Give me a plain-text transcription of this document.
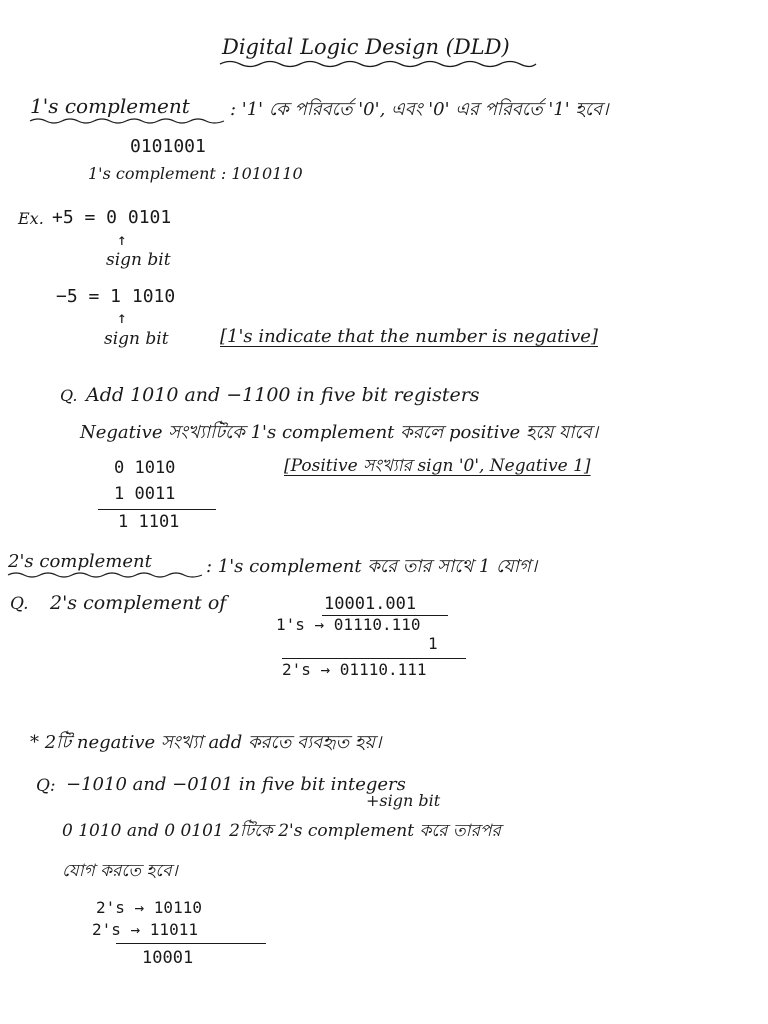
Digital Logic Design (DLD)
1's complement : '1' কে পরিবর্তে '0', এবং '0' এর পরিবর্তে '1' হবে।
0101001
1's complement : 1010110
Ex. +5 = 0 0101
↑
sign bit
−5 = 1 1010
↑
sign bit	[1's indicate that the number is negative]
Q. Add 1010 and −1100 in five bit registers
Negative সংখ্যাটিকে 1's complement করলে positive হয়ে যাবে।
0 1010	[Positive সংখ্যার sign '0', Negative 1]
1 0011
1 1101
2's complement	: 1's complement করে তার সাথে 1 যোগ।
Q. 2's complement of	10001.001
1's → 01110.110
1
2's → 01110.111
* 2টি negative সংখ্যা add করতে ব্যবহৃত হয়।
Q: −1010 and −0101 in five bit integers
+sign bit
0 1010 and 0 0101 2টিকে 2's complement করে তারপর
যোগ করতে হবে।
2's → 10110
2's → 11011
10001
